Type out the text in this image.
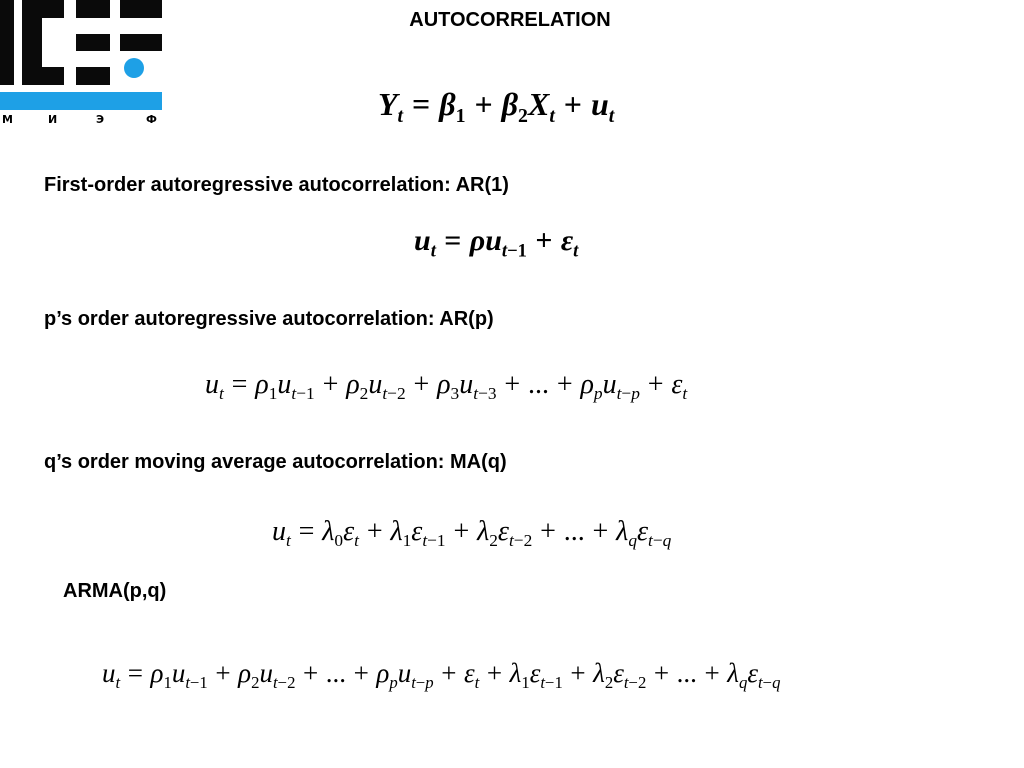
М	И	Э	Ф
AUTOCORRELATION
$Y_t = \beta_1 + \beta_2X_t + u_t$
First-order autoregressive autocorrelation: AR(1)
$u_t = \rho u_{t-1} + \varepsilon_t$
p’s order autoregressive autocorrelation: AR(p)
$u_t = \rho_1u_{t-1} + \rho_2u_{t-2} + \rho_3u_{t-3}$ + ... + $\rho_pu_{t-p} + \varepsilon_t$
q’s order moving average autocorrelation: MA(q)
$u_t = \lambda_0\varepsilon_t + \lambda_1\varepsilon_{t-1} + \lambda_2\varepsilon_{t-2}$ + ... + $\lambda_q\varepsilon_{t-q}$
ARMA(p,q)
$u_t = \rho_1u_{t-1} + \rho_2u_{t-2}$ + ... + $\rho_pu_{t-p} + \varepsilon_t + \lambda_1\varepsilon_{t-1} + \lambda_2\varepsilon_{t-2}$ + ... + $\lambda_q\varepsilon_{t-q}$
